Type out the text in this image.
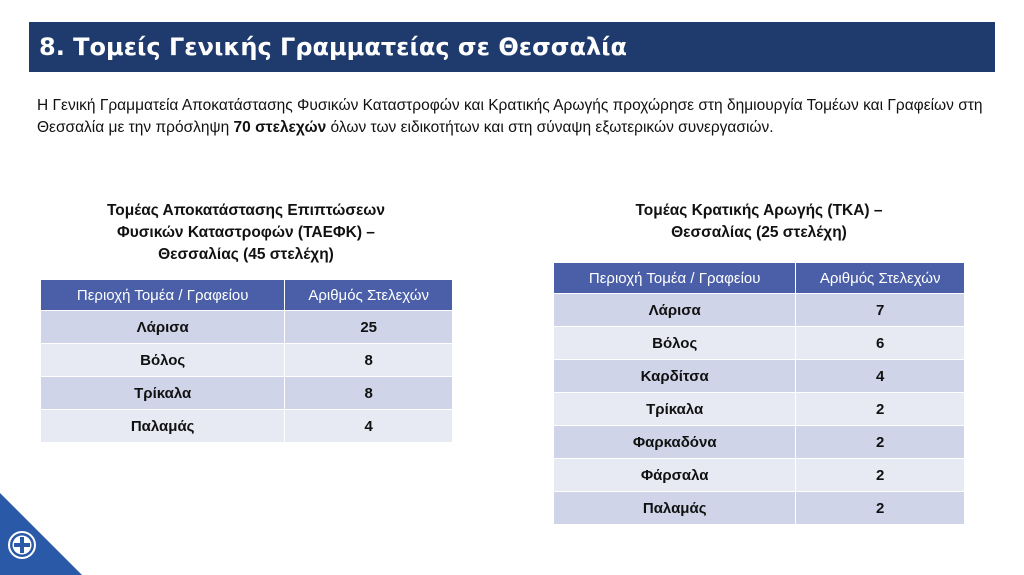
8. Τομείς Γενικής Γραμματείας σε Θεσσαλία
Η Γενική Γραμματεία Αποκατάστασης Φυσικών Καταστροφών και Κρατικής Αρωγής προχώρησε στη δημιουργία Τομέων και Γραφείων στη Θεσσαλία με την πρόσληψη 70 στελεχών όλων των ειδικοτήτων και στη σύναψη εξωτερικών συνεργασιών.
Τομέας Αποκατάστασης Επιπτώσεων
Φυσικών Καταστροφών (ΤΑΕΦΚ) –
Θεσσαλίας (45 στελέχη)
Περιοχή Τομέα / Γραφείου	Αριθμός Στελεχών
Λάρισα	25
Βόλος	8
Τρίκαλα	8
Παλαμάς	4
Τομέας Κρατικής Αρωγής (ΤΚΑ) –
Θεσσαλίας (25 στελέχη)
Περιοχή Τομέα / Γραφείου	Αριθμός Στελεχών
Λάρισα	7
Βόλος	6
Καρδίτσα	4
Τρίκαλα	2
Φαρκαδόνα	2
Φάρσαλα	2
Παλαμάς	2
